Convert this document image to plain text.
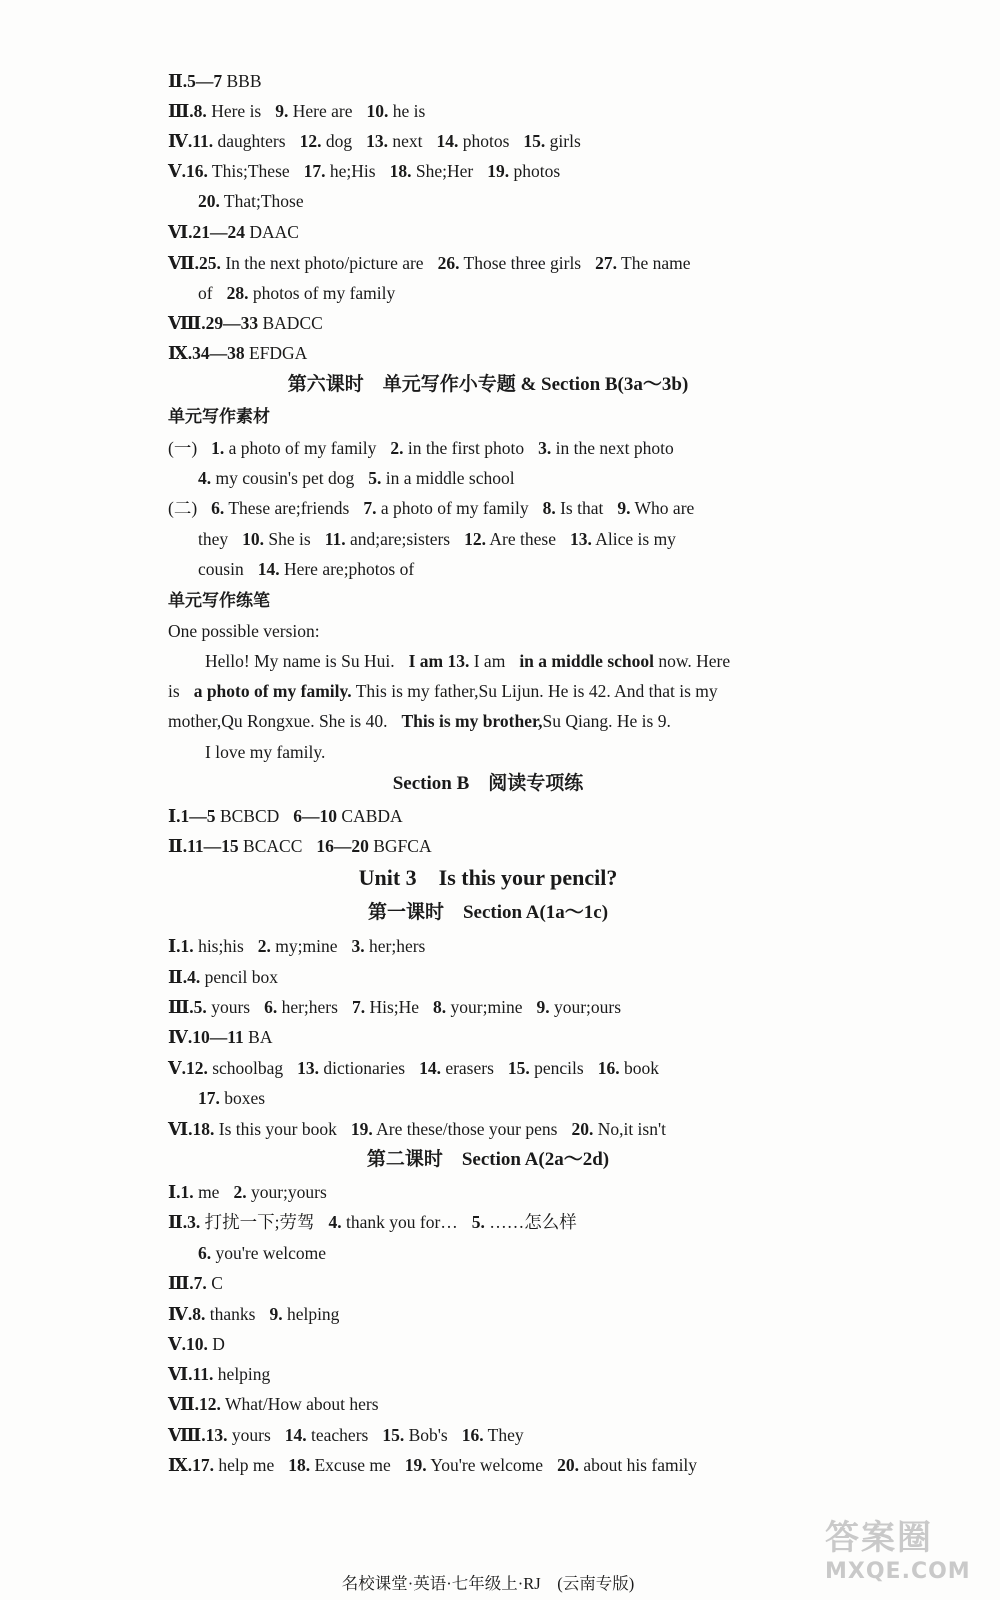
Ⅱ.5—7 BBB
Ⅲ.8. Here is 9. Here are 10. he is
Ⅳ.11. daughters 12. dog 13. next 14. photos 15. girls
Ⅴ.16. This;These 17. he;His 18. She;Her 19. photos
20. That;Those
Ⅵ.21—24 DAAC
Ⅶ.25. In the next photo/picture are 26. Those three girls 27. The name
of 28. photos of my family
Ⅷ.29—33 BADCC
Ⅸ.34—38 EFDGA
第六课时　单元写作小专题 & Section B(3a～3b)
单元写作素材
(一) 1. a photo of my family 2. in the first photo 3. in the next photo
4. my cousin's pet dog 5. in a middle school
(二) 6. These are;friends 7. a photo of my family 8. Is that 9. Who are
they 10. She is 11. and;are;sisters 12. Are these 13. Alice is my
cousin 14. Here are;photos of
单元写作练笔
One possible version:
Hello! My name is Su Hui.I am 13. I amin a middle school now. Here
isa photo of my family. This is my father,Su Lijun. He is 42. And that is my
mother,Qu Rongxue. She is 40.This is my brother,Su Qiang. He is 9.
I love my family.
Section B　阅读专项练
Ⅰ.1—5 BCBCD 6—10 CABDA
Ⅱ.11—15 BCACC 16—20 BGFCA
Unit 3　Is this your pencil?
第一课时　Section A(1a～1c)
Ⅰ.1. his;his 2. my;mine 3. her;hers
Ⅱ.4. pencil box
Ⅲ.5. yours 6. her;hers 7. His;He 8. your;mine 9. your;ours
Ⅳ.10—11 BA
Ⅴ.12. schoolbag 13. dictionaries 14. erasers 15. pencils 16. book
17. boxes
Ⅵ.18. Is this your book 19. Are these/those your pens 20. No,it isn't
第二课时　Section A(2a～2d)
Ⅰ.1. me 2. your;yours
Ⅱ.3. 打扰一下;劳驾 4. thank you for… 5. ……怎么样
6. you're welcome
Ⅲ.7. C
Ⅳ.8. thanks 9. helping
Ⅴ.10. D
Ⅵ.11. helping
Ⅶ.12. What/How about hers
Ⅷ.13. yours 14. teachers 15. Bob's 16. They
Ⅸ.17. help me 18. Excuse me 19. You're welcome 20. about his family
名校课堂·英语·七年级上·RJ　(云南专版)
答案圈
MXQE.COM
